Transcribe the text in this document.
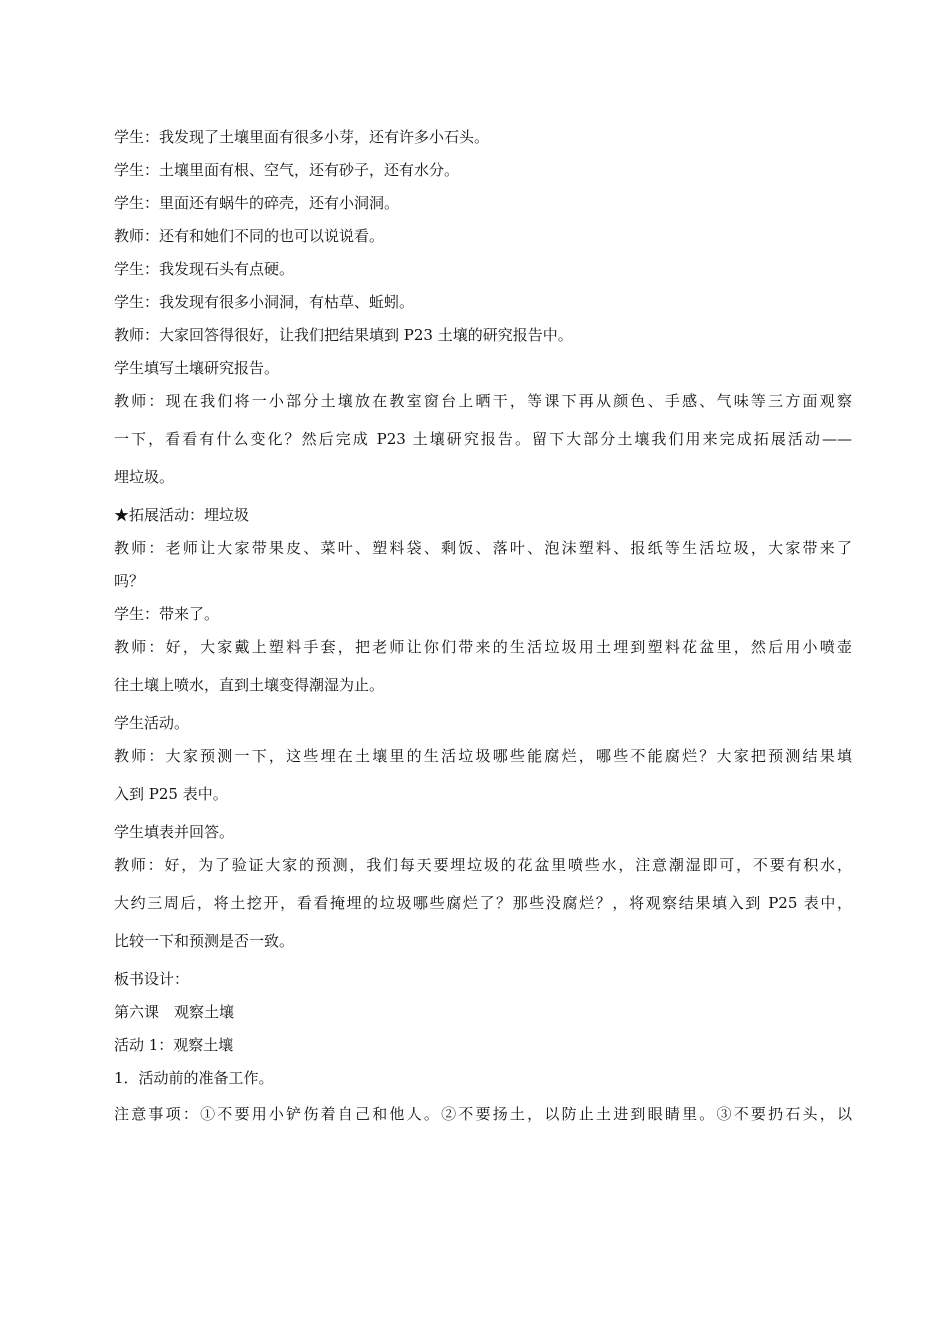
学生：我发现了土壤里面有很多小芽，还有许多小石头。
学生：土壤里面有根、空气，还有砂子，还有水分。
学生：里面还有蜗牛的碎壳，还有小洞洞。
教师：还有和她们不同的也可以说说看。
学生：我发现石头有点硬。
学生：我发现有很多小洞洞，有枯草、蚯蚓。
教师：大家回答得很好，让我们把结果填到 P23 土壤的研究报告中。
学生填写土壤研究报告。
教师：现在我们将一小部分土壤放在教室窗台上晒干，等课下再从颜色、手感、气味等三方面观察
一下，看看有什么变化？然后完成 P23 土壤研究报告。留下大部分土壤我们用来完成拓展活动——
埋垃圾。
★拓展活动：埋垃圾
教师：老师让大家带果皮、菜叶、塑料袋、剩饭、落叶、泡沫塑料、报纸等生活垃圾，大家带来了
吗？
学生：带来了。
教师：好，大家戴上塑料手套，把老师让你们带来的生活垃圾用土埋到塑料花盆里，然后用小喷壶
往土壤上喷水，直到土壤变得潮湿为止。
学生活动。
教师：大家预测一下，这些埋在土壤里的生活垃圾哪些能腐烂，哪些不能腐烂？大家把预测结果填
入到 P25 表中。
学生填表并回答。
教师：好，为了验证大家的预测，我们每天要埋垃圾的花盆里喷些水，注意潮湿即可，不要有积水，
大约三周后，将土挖开，看看掩埋的垃圾哪些腐烂了？那些没腐烂？，将观察结果填入到 P25 表中，
比较一下和预测是否一致。
板书设计：
第六课　观察土壤
活动 1：观察土壤
1．活动前的准备工作。
注意事项：①不要用小铲伤着自己和他人。②不要扬土，以防止土进到眼睛里。③不要扔石头，以
